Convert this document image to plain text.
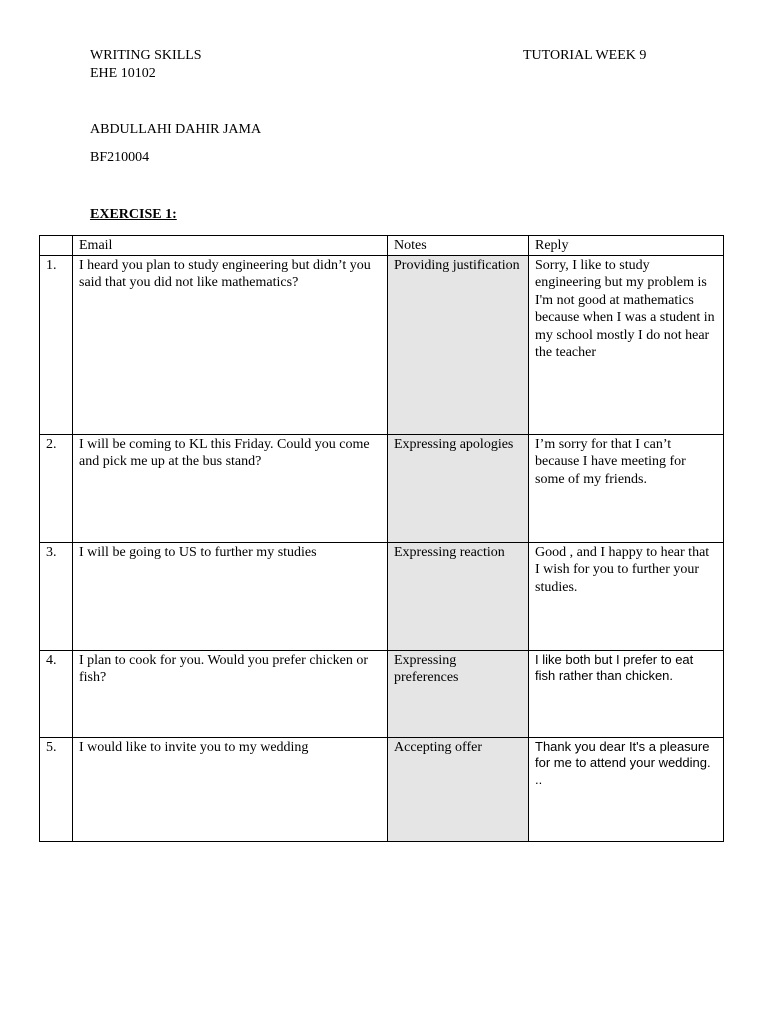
WRITING SKILLS
EHE 10102
TUTORIAL WEEK 9
ABDULLAHI DAHIR JAMA
BF210004
EXERCISE 1:
	Email	Notes	Reply
1.	I heard you plan to study engineering but didn’t you said that you did not like mathematics?	Providing justification	Sorry, I like to study engineering but my problem is I'm not good at mathematics because when I was a student in my school mostly I do not hear the teacher
2.	I will be coming to KL this Friday. Could you come and pick me up at the bus stand?	Expressing apologies	I’m sorry for that I can’t because I have meeting for some of my friends.
3.	I will be going to US to further my studies	Expressing reaction	Good , and I happy to hear that I wish for you to further your studies.
4.	I plan to cook for you. Would you prefer chicken or fish?	Expressing preferences	I like both but I prefer to eat fish rather than chicken.
5.	I would like to invite you to my wedding	Accepting offer	Thank you dear It's a pleasure for me to attend your wedding. ..
